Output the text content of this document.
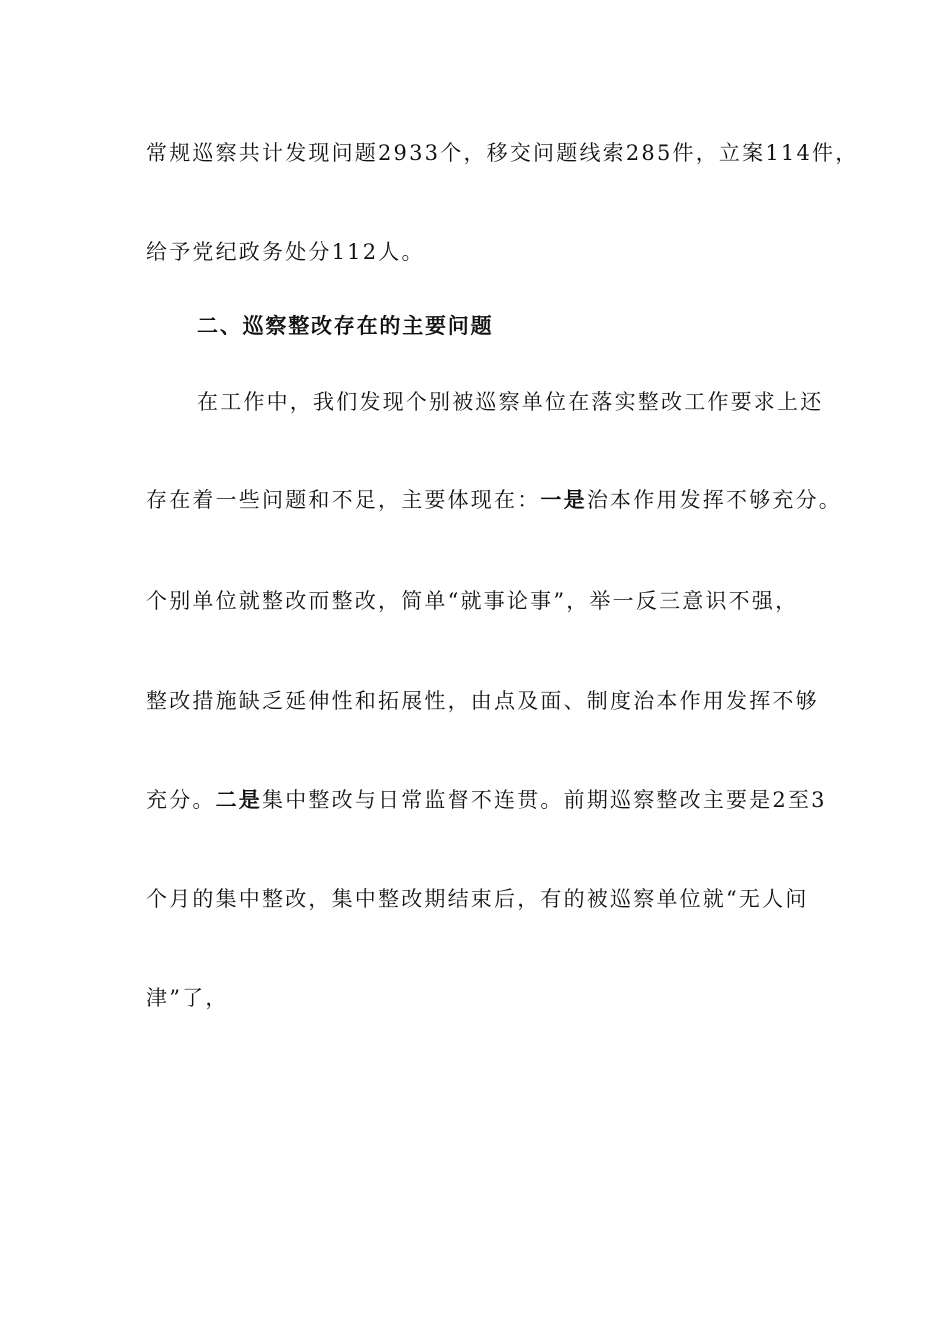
常规巡察共计发现问题2933个，移交问题线索285件，立案114件，
给予党纪政务处分112人。
二、巡察整改存在的主要问题
在工作中，我们发现个别被巡察单位在落实整改工作要求上还
存在着一些问题和不足，主要体现在：一是治本作用发挥不够充分。
个别单位就整改而整改，简单“就事论事”，举一反三意识不强，
整改措施缺乏延伸性和拓展性，由点及面、制度治本作用发挥不够
充分。二是集中整改与日常监督不连贯。前期巡察整改主要是2至3
个月的集中整改，集中整改期结束后，有的被巡察单位就“无人问
津”了，
